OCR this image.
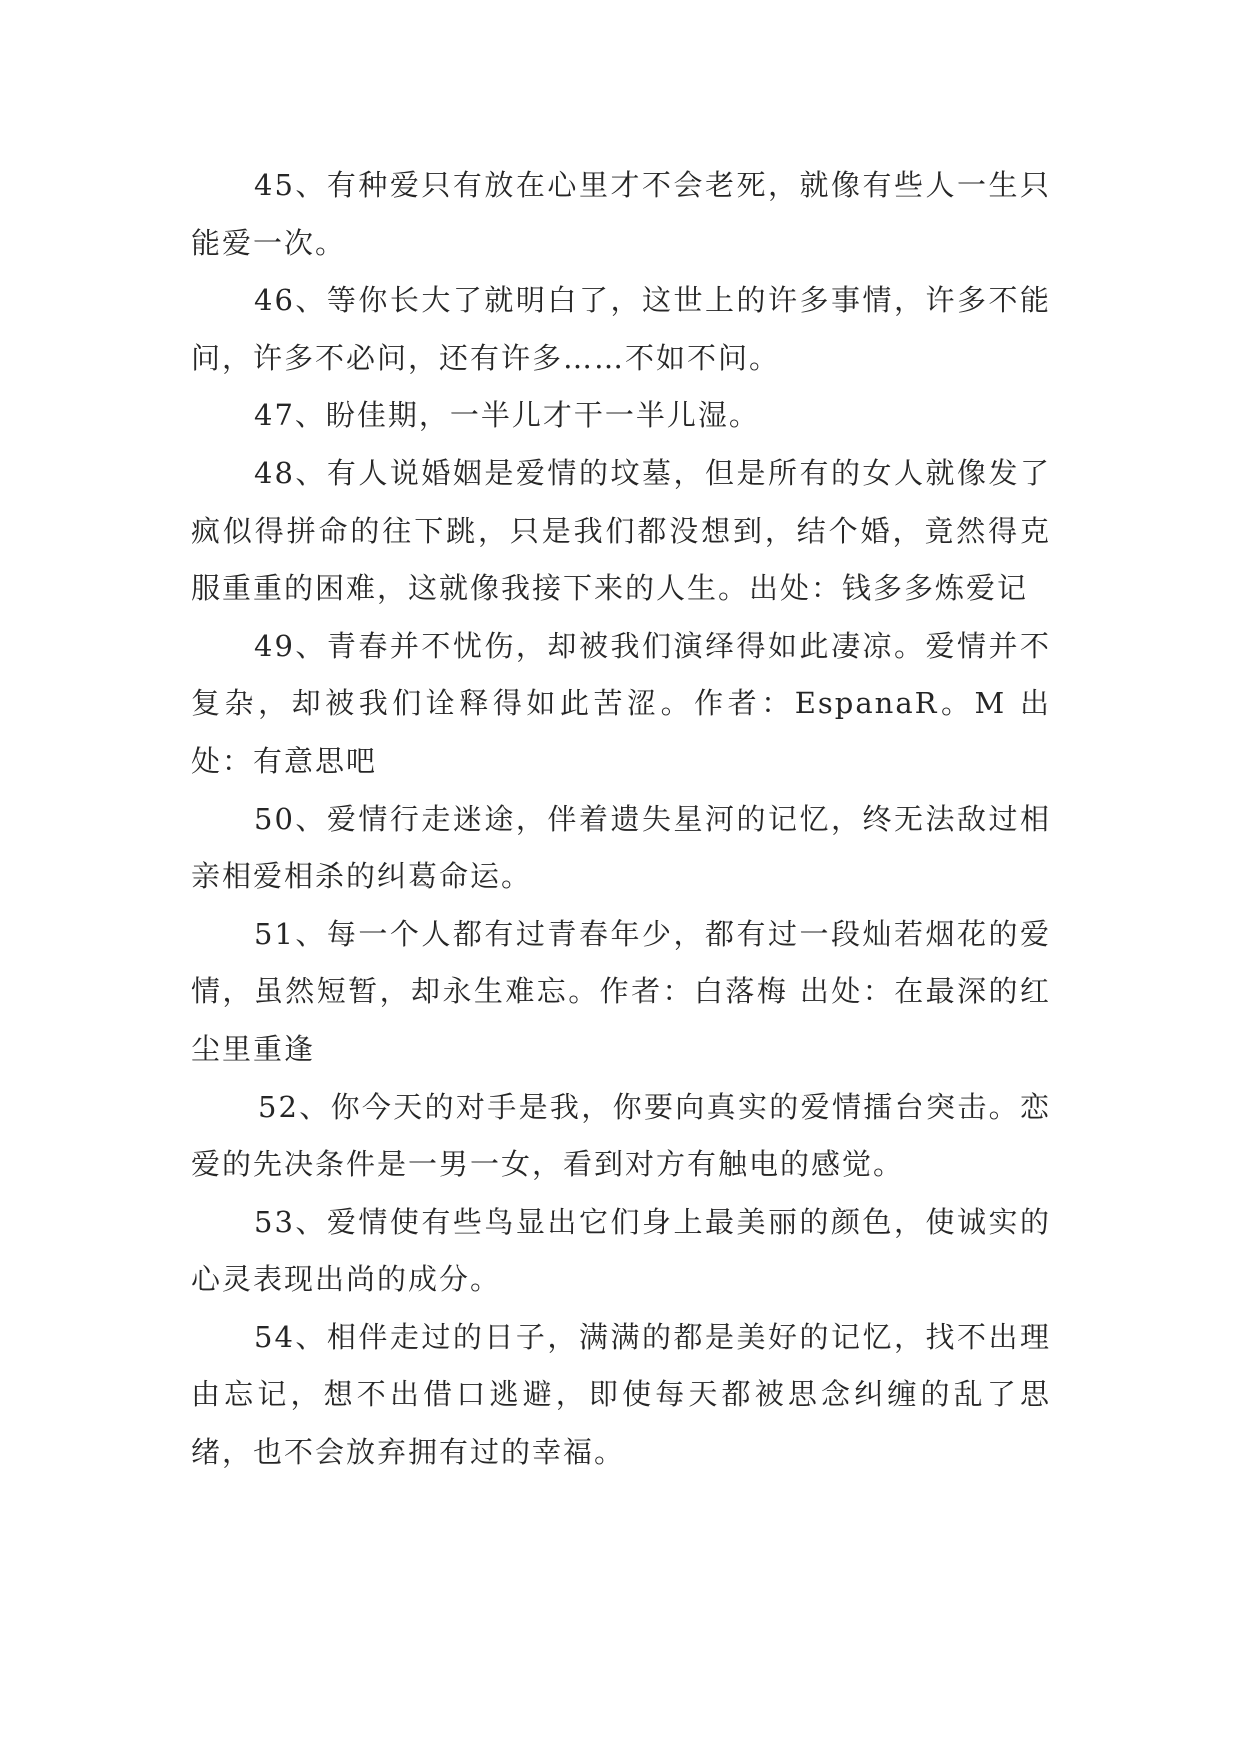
45、有种爱只有放在心里才不会老死，就像有些人一生只能爱一次。

46、等你长大了就明白了，这世上的许多事情，许多不能问，许多不必问，还有许多……不如不问。

47、盼佳期，一半儿才干一半儿湿。

48、有人说婚姻是爱情的坟墓，但是所有的女人就像发了疯似得拼命的往下跳，只是我们都没想到，结个婚，竟然得克服重重的困难，这就像我接下来的人生。出处：钱多多炼爱记

49、青春并不忧伤，却被我们演绎得如此凄凉。爱情并不复杂，却被我们诠释得如此苦涩。作者：EspanaR。M 出处：有意思吧

50、爱情行走迷途，伴着遗失星河的记忆，终无法敌过相亲相爱相杀的纠葛命运。

51、每一个人都有过青春年少，都有过一段灿若烟花的爱情，虽然短暂，却永生难忘。作者：白落梅 出处：在最深的红尘里重逢

52、你今天的对手是我，你要向真实的爱情擂台突击。恋爱的先决条件是一男一女，看到对方有触电的感觉。

53、爱情使有些鸟显出它们身上最美丽的颜色，使诚实的心灵表现出尚的成分。

54、相伴走过的日子，满满的都是美好的记忆，找不出理由忘记，想不出借口逃避，即使每天都被思念纠缠的乱了思绪，也不会放弃拥有过的幸福。
